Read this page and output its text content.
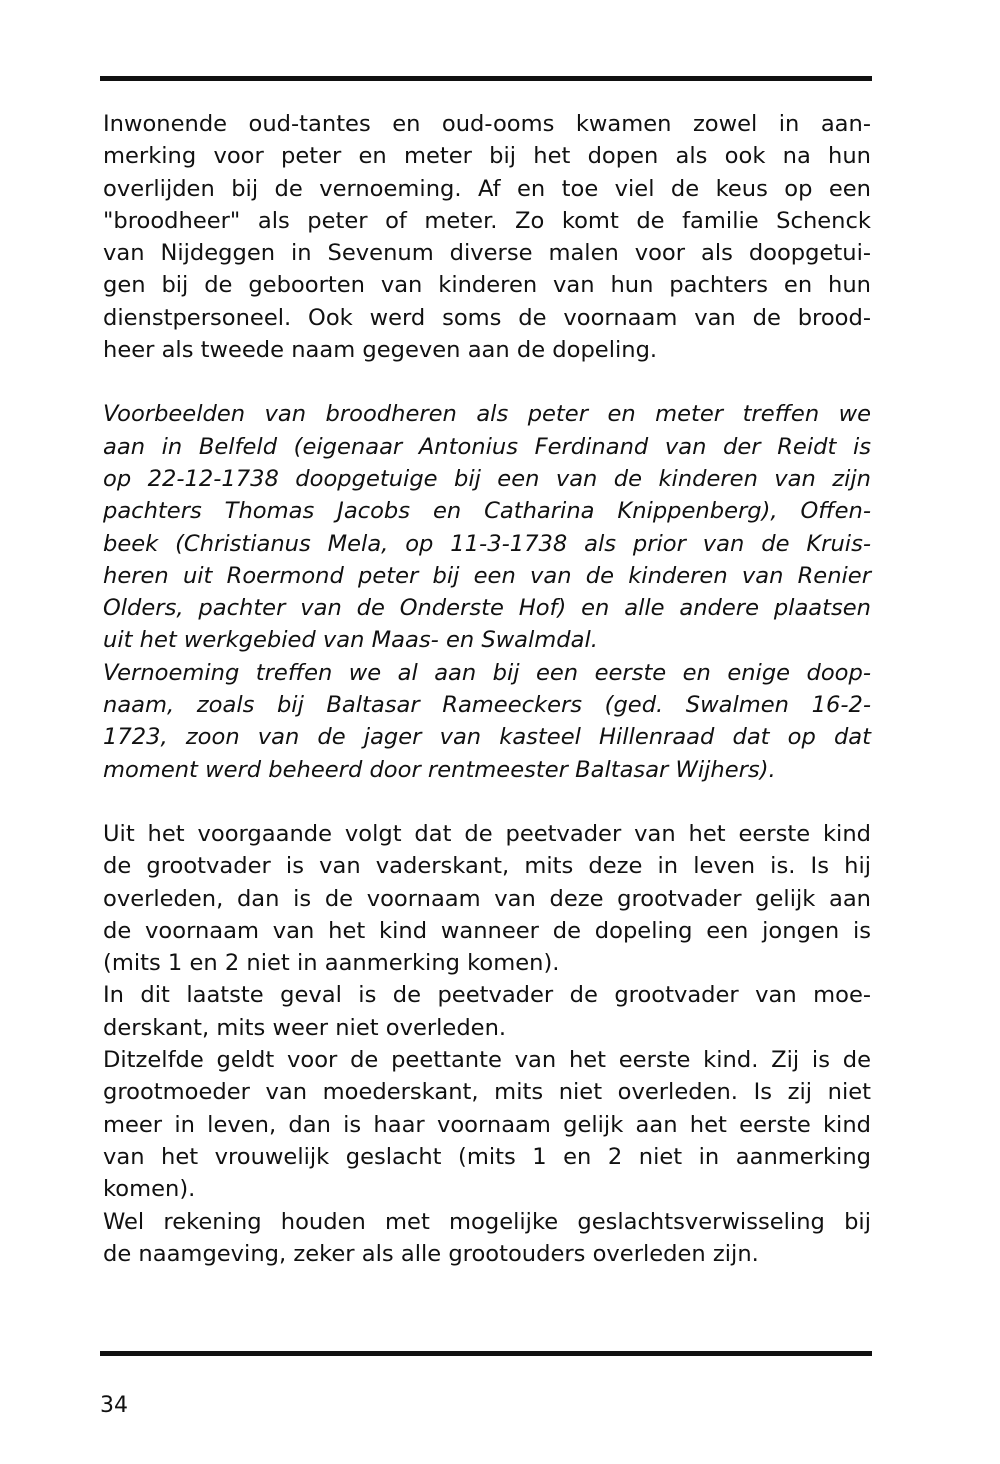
Inwonende oud-tantes en oud-ooms kwamen zowel in aan-
merking voor peter en meter bij het dopen als ook na hun
overlijden bij de vernoeming. Af en toe viel de keus op een
"broodheer" als peter of meter. Zo komt de familie Schenck
van Nijdeggen in Sevenum diverse malen voor als doopgetui-
gen bij de geboorten van kinderen van hun pachters en hun
dienstpersoneel. Ook werd soms de voornaam van de brood-
heer als tweede naam gegeven aan de dopeling.

Voorbeelden van broodheren als peter en meter treffen we
aan in Belfeld (eigenaar Antonius Ferdinand van der Reidt is
op 22-12-1738 doopgetuige bij een van de kinderen van zijn
pachters Thomas Jacobs en Catharina Knippenberg), Offen-
beek (Christianus Mela, op 11-3-1738 als prior van de Kruis-
heren uit Roermond peter bij een van de kinderen van Renier
Olders, pachter van de Onderste Hof) en alle andere plaatsen
uit het werkgebied van Maas- en Swalmdal.

Vernoeming treffen we al aan bij een eerste en enige doop-
naam, zoals bij Baltasar Rameeckers (ged. Swalmen 16-2-
1723, zoon van de jager van kasteel Hillenraad dat op dat
moment werd beheerd door rentmeester Baltasar Wijhers).

Uit het voorgaande volgt dat de peetvader van het eerste kind
de grootvader is van vaderskant, mits deze in leven is. Is hij
overleden, dan is de voornaam van deze grootvader gelijk aan
de voornaam van het kind wanneer de dopeling een jongen is
(mits 1 en 2 niet in aanmerking komen).

In dit laatste geval is de peetvader de grootvader van moe-
derskant, mits weer niet overleden.

Ditzelfde geldt voor de peettante van het eerste kind. Zij is de
grootmoeder van moederskant, mits niet overleden. Is zij niet
meer in leven, dan is haar voornaam gelijk aan het eerste kind
van het vrouwelijk geslacht (mits 1 en 2 niet in aanmerking
komen).

Wel rekening houden met mogelijke geslachtsverwisseling bij
de naamgeving, zeker als alle grootouders overleden zijn.

34
